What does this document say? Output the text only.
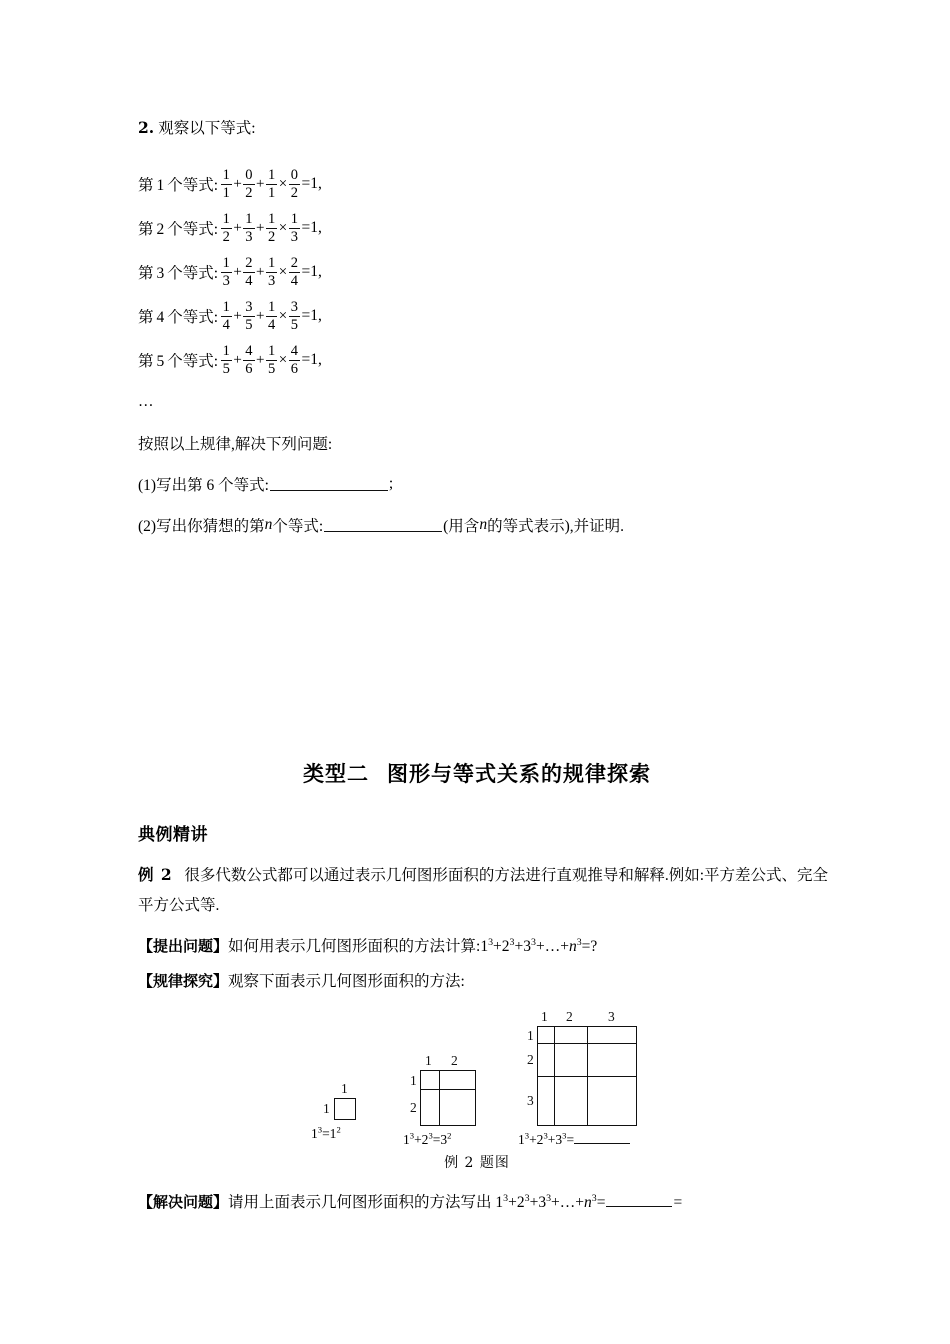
2. 观察以下等式:
第 1 个等式: $\frac{1}{1} + \frac{0}{2} + \frac{1}{1} \times \frac{0}{2} =1$,
第 2 个等式: $\frac{1}{2} + \frac{1}{3} + \frac{1}{2} \times \frac{1}{3} =1$,
第 3 个等式: $\frac{1}{3} + \frac{2}{4} + \frac{1}{3} \times \frac{2}{4} =1$,
第 4 个等式: $\frac{1}{4} + \frac{3}{5} + \frac{1}{4} \times \frac{3}{5} =1$,
第 5 个等式: $\frac{1}{5} + \frac{4}{6} + \frac{1}{5} \times \frac{4}{6} =1$,
…
按照以上规律,解决下列问题:
(1)写出第 6 个等式:	;
(2)写出你猜想的第 n 个等式:	(用含 n 的等式表示),并证明.
类型二 图形与等式关系的规律探索
典例精讲
例 2 很多代数公式都可以通过表示几何图形面积的方法进行直观推导和解释.例如:平方差公式、完全平方公式等.
【提出问题】如何用表示几何图形面积的方法计算$:1^3+2^3+3^3+\dots+n^3=$?
【规律探究】观察下面表示几何图形面积的方法:
1
1
$1^3=1^2$
1 2
1
2
$1^3+2^3=3^2$
1 2	3
1
2
3
$1^3+2^3+3^3=$
例 2 题图
【解决问题】请用上面表示几何图形面积的方法写出 $1^3+2^3+3^3+\dots+n^3=$	=
